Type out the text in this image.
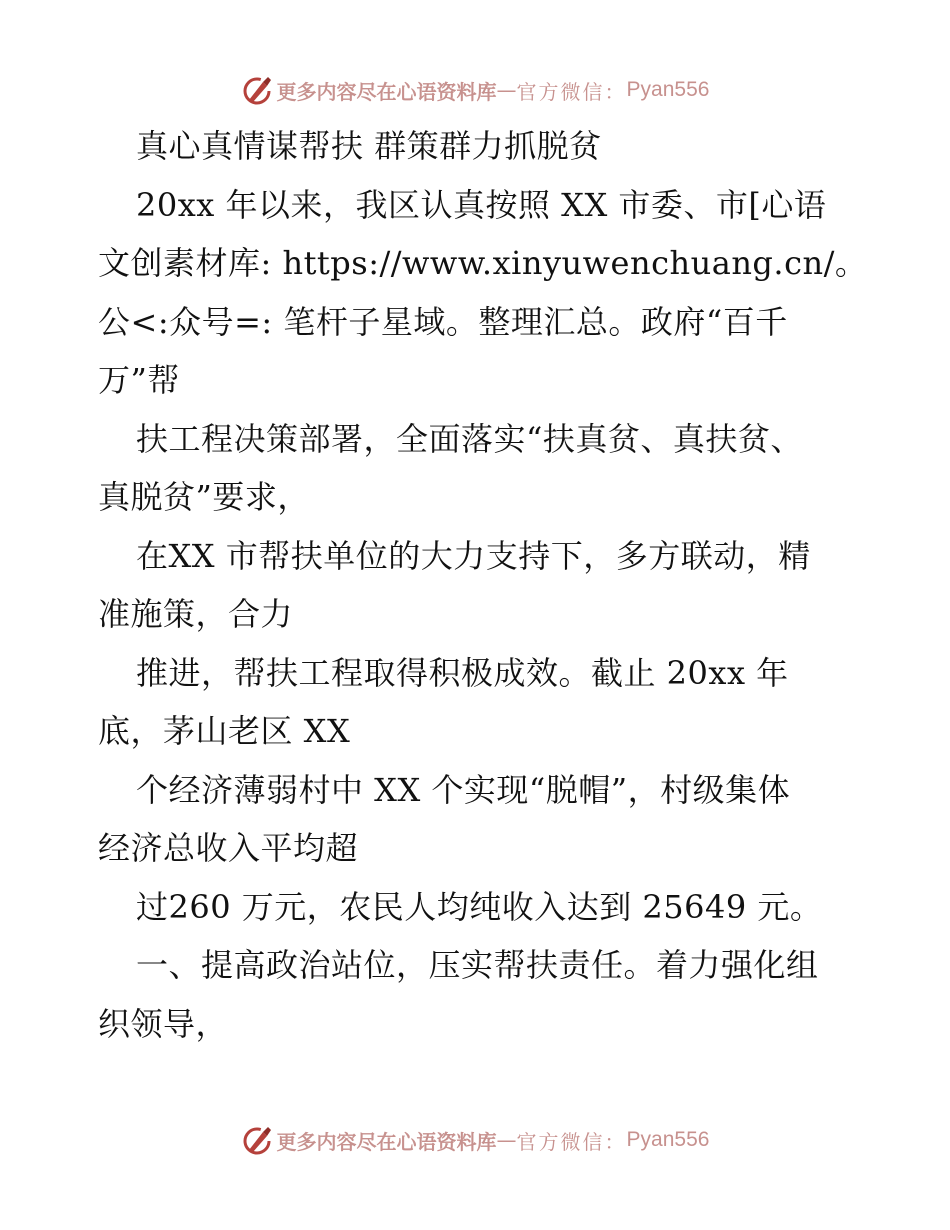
更多内容尽在心语资料库 — 官方微信： Pyan556
真心真情谋帮扶 群策群力抓脱贫
20xx 年以来，我区认真按照 XX 市委、市[心语
文创素材库: https://www.xinyuwenchuang.cn/。
公<:众号=: 笔杆子星域。整理汇总。政府“百千
万”帮
扶工程决策部署，全面落实“扶真贫、真扶贫、
真脱贫”要求，
在XX 市帮扶单位的大力支持下，多方联动，精
准施策，合力
推进，帮扶工程取得积极成效。截止 20xx 年
底，茅山老区 XX
个经济薄弱村中 XX 个实现“脱帽”，村级集体
经济总收入平均超
过260 万元，农民人均纯收入达到 25649 元。
一、提高政治站位，压实帮扶责任。着力强化组
织领导，
更多内容尽在心语资料库 — 官方微信： Pyan556
